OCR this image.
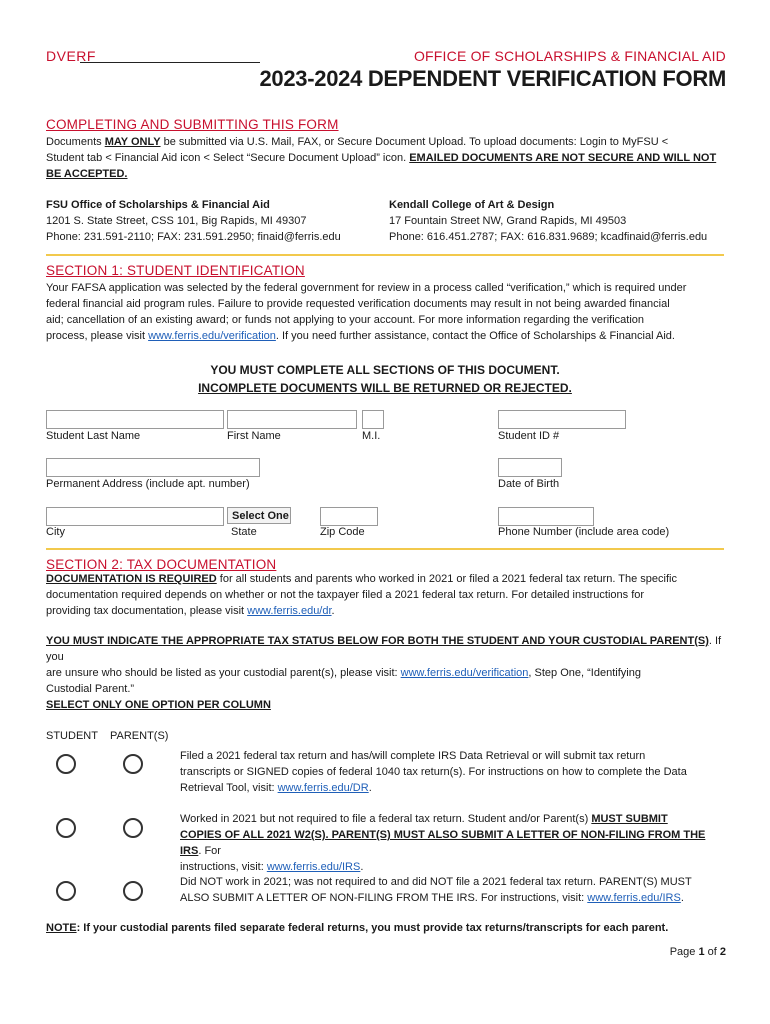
DVERF	OFFICE OF SCHOLARSHIPS & FINANCIAL AID
2023-2024 DEPENDENT VERIFICATION FORM
COMPLETING AND SUBMITTING THIS FORM
Documents MAY ONLY be submitted via U.S. Mail, FAX, or Secure Document Upload. To upload documents: Login to MyFSU <
Student tab < Financial Aid icon < Select “Secure Document Upload” icon. EMAILED DOCUMENTS ARE NOT SECURE AND WILL NOT
BE ACCEPTED.
FSU Office of Scholarships & Financial Aid
1201 S. State Street, CSS 101, Big Rapids, MI 49307
Phone: 231.591-2110; FAX: 231.591.2950; finaid@ferris.edu
Kendall College of Art & Design
17 Fountain Street NW, Grand Rapids, MI 49503
Phone: 616.451.2787; FAX: 616.831.9689; kcadfinaid@ferris.edu
SECTION 1: STUDENT IDENTIFICATION
Your FAFSA application was selected by the federal government for review in a process called “verification,” which is required under
federal financial aid program rules. Failure to provide requested verification documents may result in not being awarded financial
aid; cancellation of an existing award; or funds not applying to your account. For more information regarding the verification
process, please visit www.ferris.edu/verification. If you need further assistance, contact the Office of Scholarships & Financial Aid.
YOU MUST COMPLETE ALL SECTIONS OF THIS DOCUMENT.
INCOMPLETE DOCUMENTS WILL BE RETURNED OR REJECTED.
Student Last Name	First Name	M.I.	Student ID #
Permanent Address (include apt. number)	Date of Birth
Select One
City	State	Zip Code	Phone Number (include area code)
SECTION 2: TAX DOCUMENTATION
DOCUMENTATION IS REQUIRED for all students and parents who worked in 2021 or filed a 2021 federal tax return. The specific
documentation required depends on whether or not the taxpayer filed a 2021 federal tax return. For detailed instructions for
providing tax documentation, please visit www.ferris.edu/dr.
YOU MUST INDICATE THE APPROPRIATE TAX STATUS BELOW FOR BOTH THE STUDENT AND YOUR CUSTODIAL PARENT(S). If you
are unsure who should be listed as your custodial parent(s), please visit: www.ferris.edu/verification, Step One, “Identifying
Custodial Parent.”
SELECT ONLY ONE OPTION PER COLUMN
STUDENT PARENT(S)
Filed a 2021 federal tax return and has/will complete IRS Data Retrieval or will submit tax return
transcripts or SIGNED copies of federal 1040 tax return(s). For instructions on how to complete the Data
Retrieval Tool, visit: www.ferris.edu/DR.
Worked in 2021 but not required to file a federal tax return. Student and/or Parent(s) MUST SUBMIT
COPIES OF ALL 2021 W2(S). PARENT(S) MUST ALSO SUBMIT A LETTER OF NON-FILING FROM THE IRS. For
instructions, visit: www.ferris.edu/IRS.
Did NOT work in 2021; was not required to and did NOT file a 2021 federal tax return. PARENT(S) MUST
ALSO SUBMIT A LETTER OF NON-FILING FROM THE IRS. For instructions, visit: www.ferris.edu/IRS.
NOTE: If your custodial parents filed separate federal returns, you must provide tax returns/transcripts for each parent.
Page 1 of 2
